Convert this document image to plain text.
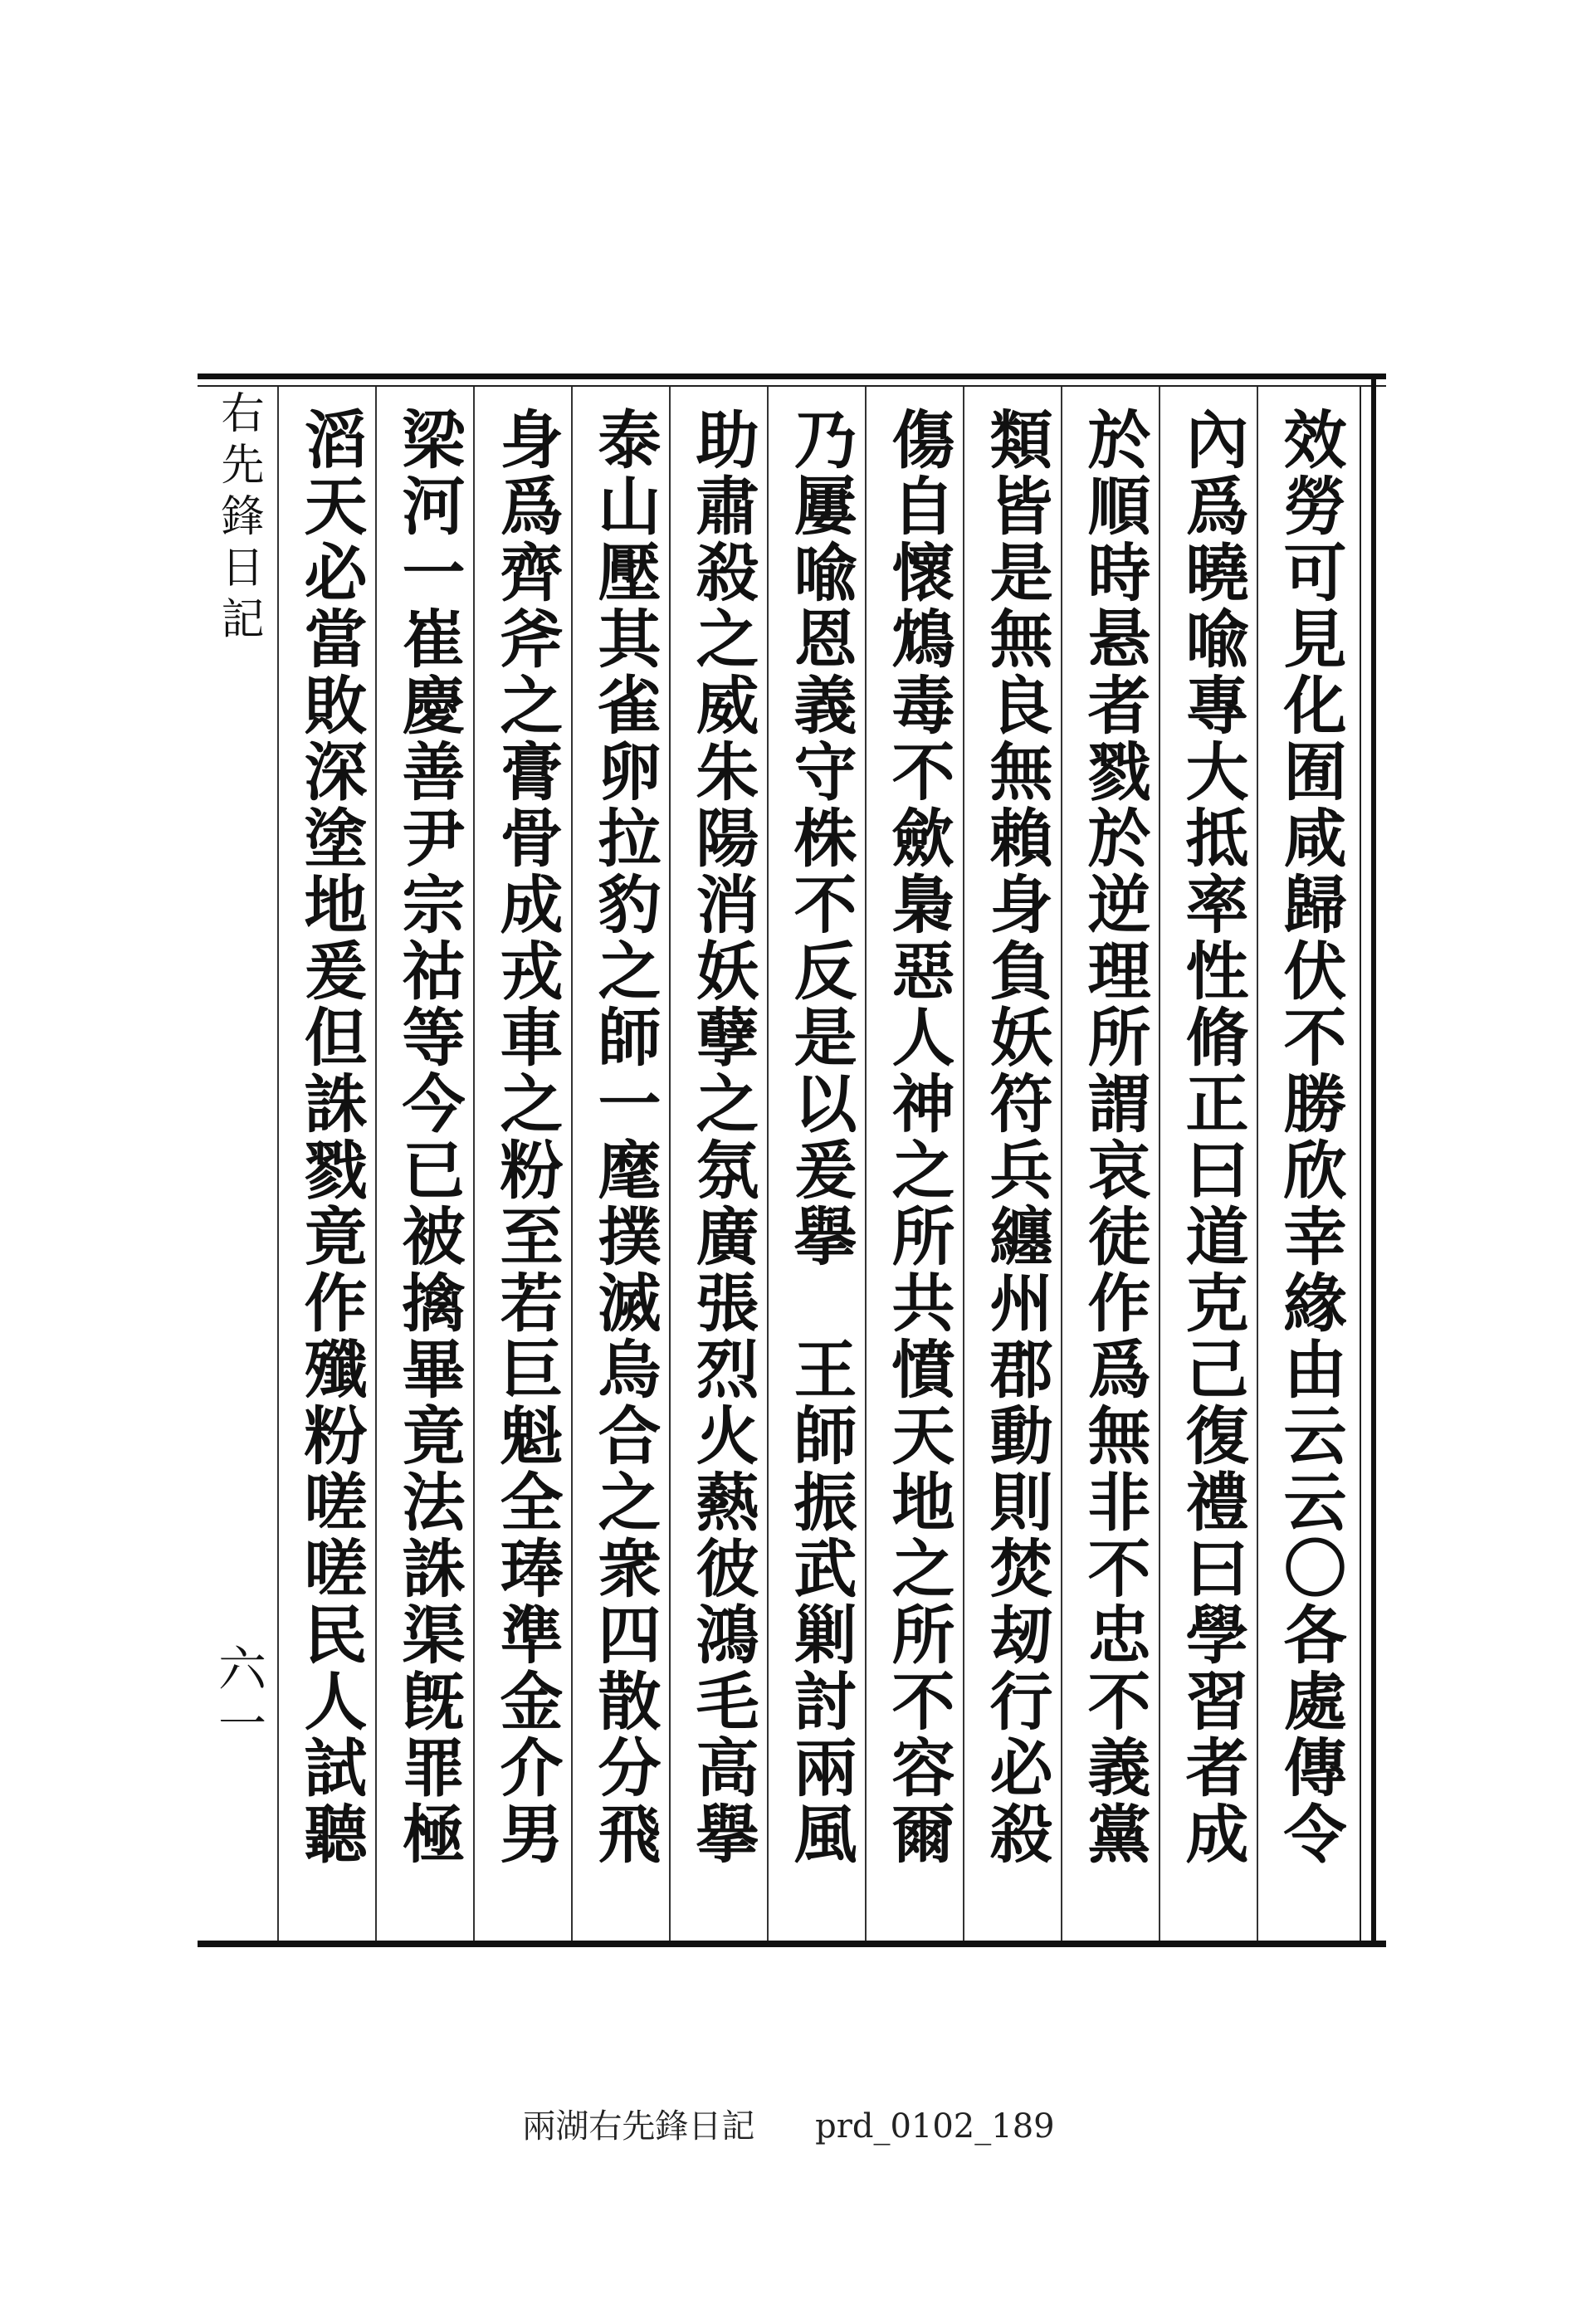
右先鋒日記
六一	效勞可見化囿咸歸伏不勝欣幸緣由云云〇各處傳令
內爲曉喩專大抵率性脩正曰道克己復禮曰學習者成
於順時悬者戮於逆理所謂哀徒作爲無非不忠不義黨
類皆是無良無賴身負妖符兵纏州郡動則焚刼行必殺
傷自懷鴆毒不歛梟惡人神之所共憤天地之所不容爾
乃屢喩恩義守株不反是以爰擧　王師振武剿討兩風
助肅殺之威朱陽消妖孽之氛廣張烈火爇彼鴻毛高擧
泰山壓其雀卵拉豹之師一麾撲滅烏合之衆四散分飛
身爲齊斧之膏骨成戎車之粉至若巨魁全琫準金介男
梁河一崔慶善尹宗祜等今已被擒畢竟法誅渠旣罪極
滔天必當敗深塗地爰但誅戮竟作殲粉嗟嗟民人試聽
兩湖右先鋒日記 prd_0102_189
